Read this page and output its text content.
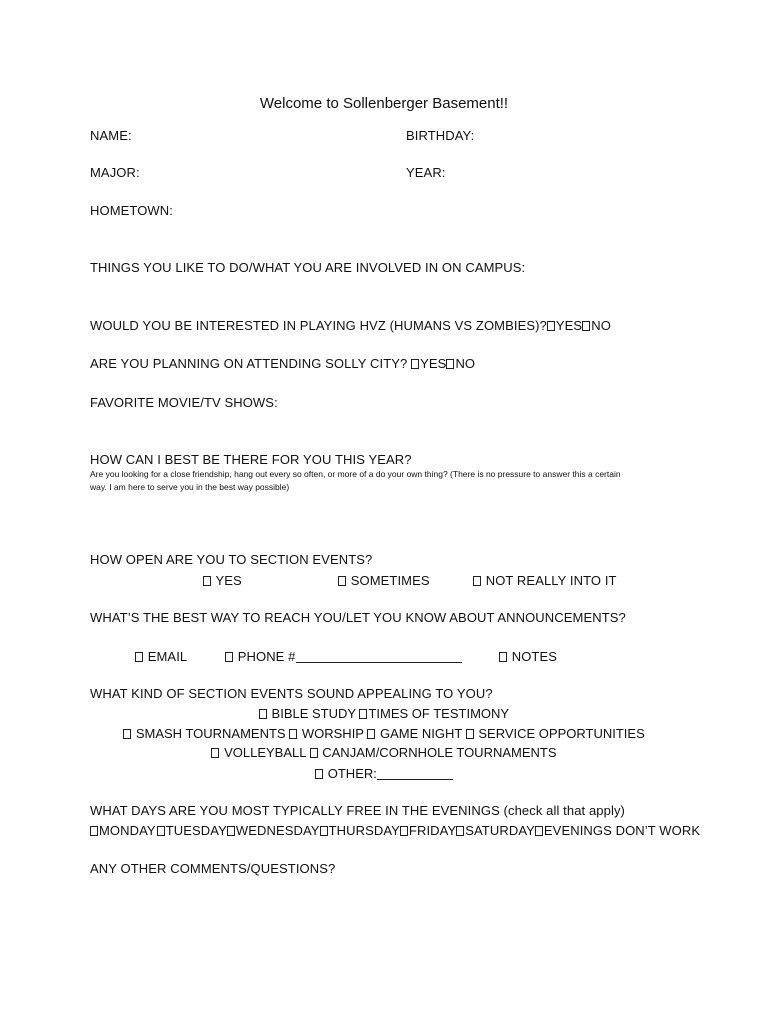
Welcome to Sollenberger Basement!!
NAME:	BIRTHDAY:
MAJOR:	YEAR:
HOMETOWN:
THINGS YOU LIKE TO DO/WHAT YOU ARE INVOLVED IN ON CAMPUS:
WOULD YOU BE INTERESTED IN PLAYING HVZ (HUMANS VS ZOMBIES)? YES NO
ARE YOU PLANNING ON ATTENDING SOLLY CITY? YES NO
FAVORITE MOVIE/TV SHOWS:
HOW CAN I BEST BE THERE FOR YOU THIS YEAR?
Are you looking for a close friendship, hang out every so often, or more of a do your own thing? (There is no pressure to answer this a certain
way. I am here to serve you in the best way possible)
HOW OPEN ARE YOU TO SECTION EVENTS?
YES	SOMETIMES	NOT REALLY INTO IT
WHAT’S THE BEST WAY TO REACH YOU/LET YOU KNOW ABOUT ANNOUNCEMENTS?
EMAIL	PHONE #	NOTES
WHAT KIND OF SECTION EVENTS SOUND APPEALING TO YOU?
BIBLE STUDY TIMES OF TESTIMONY
SMASH TOURNAMENTS WORSHIP GAME NIGHT SERVICE OPPORTUNITIES
VOLLEYBALL CANJAM/CORNHOLE TOURNAMENTS
OTHER:
WHAT DAYS ARE YOU MOST TYPICALLY FREE IN THE EVENINGS (check all that apply)
MONDAY TUESDAY WEDNESDAY THURSDAY FRIDAY SATURDAY EVENINGS DON’T WORK
ANY OTHER COMMENTS/QUESTIONS?
